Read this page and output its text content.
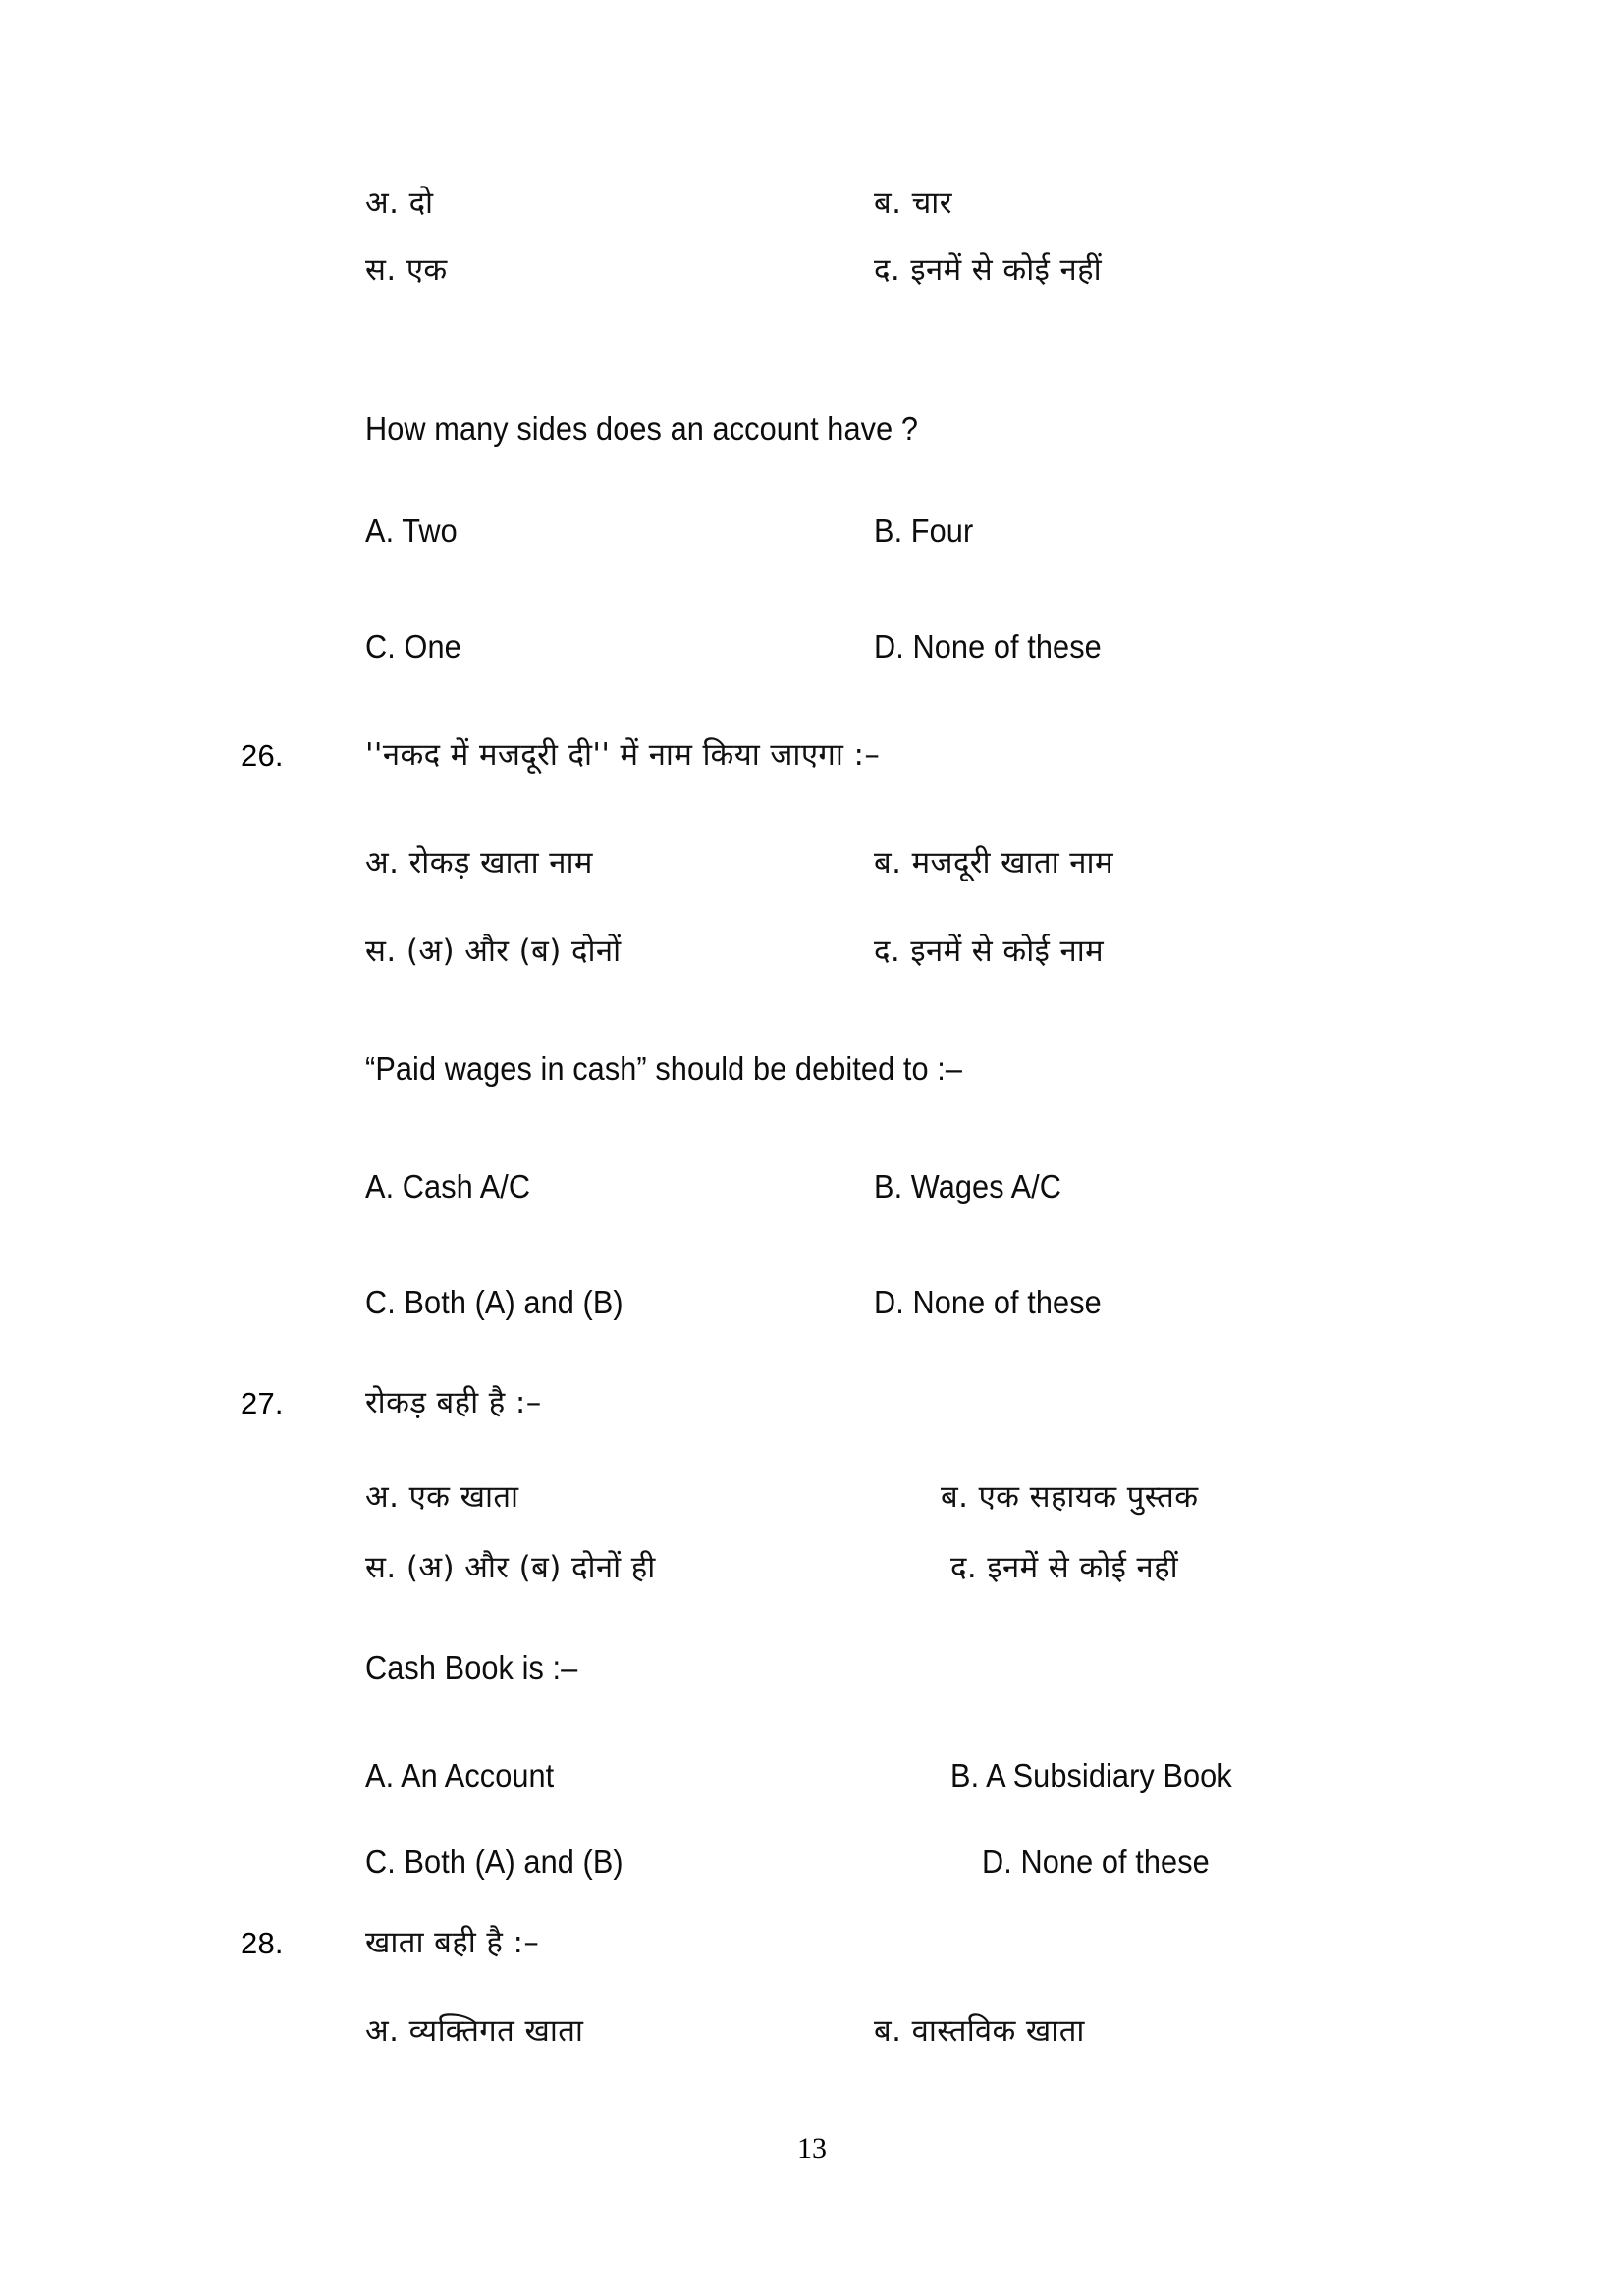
अ. दो	ब. चार
स. एक	द. इनमें से कोई नहीं
How many sides does an account have ?
A. Two	B. Four
C. One	D. None of these
26.	''नकद में मजदूरी दी'' में नाम किया जाएगा :–
अ. रोकड़ खाता नाम	ब. मजदूरी खाता नाम
स. (अ) और (ब) दोनों	द. इनमें से कोई नाम
“Paid wages in cash” should be debited to :–
A. Cash A/C	B. Wages A/C
C. Both (A) and (B)	D. None of these
27.	रोकड़ बही है :–
अ. एक खाता	ब. एक सहायक पुस्तक
स. (अ) और (ब) दोनों ही	द. इनमें से कोई नहीं
Cash Book is :–
A. An Account	B. A Subsidiary Book
C. Both (A) and (B)	D. None of these
28.	खाता बही है :–
अ. व्यक्तिगत खाता	ब. वास्तविक खाता
13
